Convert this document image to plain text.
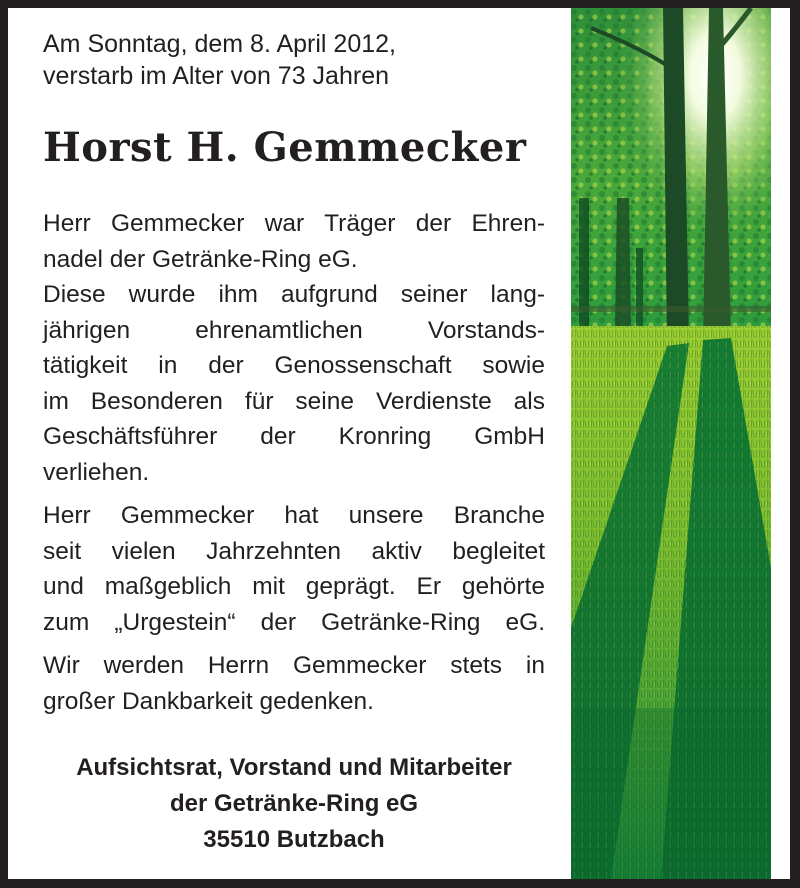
Am Sonntag, dem 8. April 2012,
verstarb im Alter von 73 Jahren

Horst H. Gemmecker

Herr Gemmecker war Träger der Ehren-
nadel der Getränke-Ring eG.
Diese wurde ihm aufgrund seiner lang-
jährigen ehrenamtlichen Vorstands-
tätigkeit in der Genossenschaft sowie
im Besonderen für seine Verdienste als
Geschäftsführer der Kronring GmbH
verliehen.

Herr Gemmecker hat unsere Branche
seit vielen Jahrzehnten aktiv begleitet
und maßgeblich mit geprägt. Er gehörte
zum „Urgestein“ der Getränke-Ring eG.

Wir werden Herrn Gemmecker stets in
großer Dankbarkeit gedenken.

Aufsichtsrat, Vorstand und Mitarbeiter
der Getränke-Ring eG
35510 Butzbach
